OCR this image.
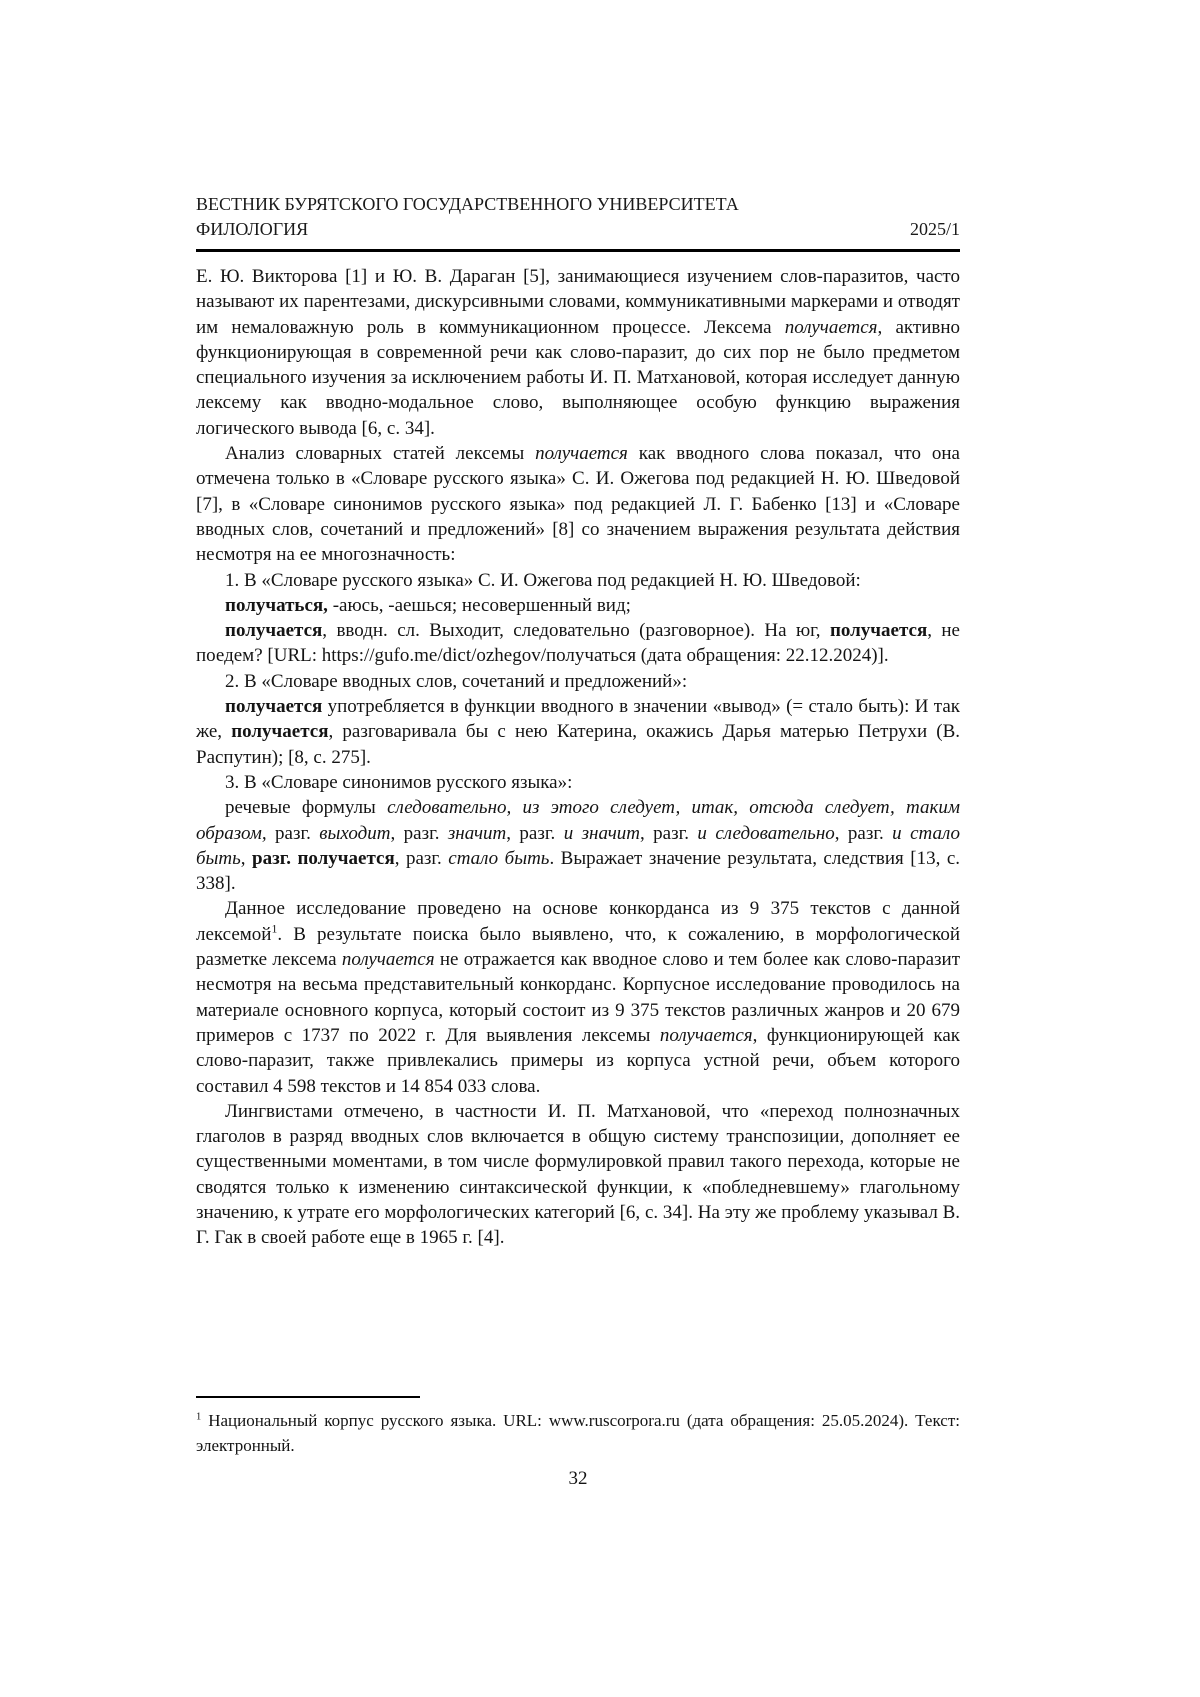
ВЕСТНИК БУРЯТСКОГО ГОСУДАРСТВЕННОГО УНИВЕРСИТЕТА
ФИЛОЛОГИЯ	2025/1

Е. Ю. Викторова [1] и Ю. В. Дараган [5], занимающиеся изучением слов-паразитов, часто называют их парентезами, дискурсивными словами, коммуникативными маркерами и отводят им немаловажную роль в коммуникационном процессе. Лексема получается, активно функционирующая в современной речи как слово-паразит, до сих пор не было предметом специального изучения за исключением работы И. П. Матхановой, которая исследует данную лексему как вводно-модальное слово, выполняющее особую функцию выражения логического вывода [6, с. 34].

Анализ словарных статей лексемы получается как вводного слова показал, что она отмечена только в «Словаре русского языка» С. И. Ожегова под редакцией Н. Ю. Шведовой [7], в «Словаре синонимов русского языка» под редакцией Л. Г. Бабенко [13] и «Словаре вводных слов, сочетаний и предложений» [8] со значением выражения результата действия несмотря на ее многозначность:

1. В «Словаре русского языка» С. И. Ожегова под редакцией Н. Ю. Шведовой:

получаться, -аюсь, -аешься; несовершенный вид;

получается, вводн. сл. Выходит, следовательно (разговорное). На юг, получается, не поедем? [URL: https://gufo.me/dict/ozhegov/получаться (дата обращения: 22.12.2024)].

2. В «Словаре вводных слов, сочетаний и предложений»:

получается употребляется в функции вводного в значении «вывод» (= стало быть): И так же, получается, разговаривала бы с нею Катерина, окажись Дарья матерью Петрухи (В. Распутин); [8, с. 275].

3. В «Словаре синонимов русского языка»:

речевые формулы следовательно, из этого следует, итак, отсюда следует, таким образом, разг. выходит, разг. значит, разг. и значит, разг. и следовательно, разг. и стало быть, разг. получается, разг. стало быть. Выражает значение результата, следствия [13, с. 338].

Данное исследование проведено на основе конкорданса из 9 375 текстов с данной лексемой$^1$. В результате поиска было выявлено, что, к сожалению, в морфологической разметке лексема получается не отражается как вводное слово и тем более как слово-паразит несмотря на весьма представительный конкорданс. Корпусное исследование проводилось на материале основного корпуса, который состоит из 9 375 текстов различных жанров и 20 679 примеров с 1737 по 2022 г. Для выявления лексемы получается, функционирующей как слово-паразит, также привлекались примеры из корпуса устной речи, объем которого составил 4 598 текстов и 14 854 033 слова.

Лингвистами отмечено, в частности И. П. Матхановой, что «переход полнозначных глаголов в разряд вводных слов включается в общую систему транспозиции, дополняет ее существенными моментами, в том числе формулировкой правил такого перехода, которые не сводятся только к изменению синтаксической функции, к «побледневшему» глагольному значению, к утрате его морфологических категорий [6, с. 34]. На эту же проблему указывал В. Г. Гак в своей работе еще в 1965 г. [4].

$^1$ Национальный корпус русского языка. URL: www.ruscorpora.ru (дата обращения: 25.05.2024). Текст: электронный.
32
